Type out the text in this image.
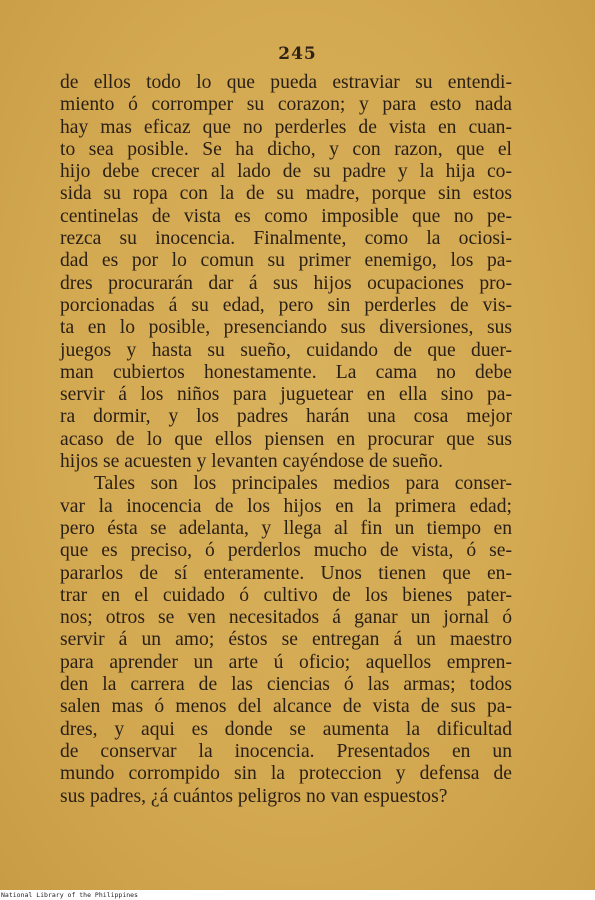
245
de ellos todo lo que pueda estraviar su entendi-
miento ó corromper su corazon; y para esto nada
hay mas eficaz que no perderles de vista en cuan-
to sea posible. Se ha dicho, y con razon, que el
hijo debe crecer al lado de su padre y la hija co-
sida su ropa con la de su madre, porque sin estos
centinelas de vista es como imposible que no pe-
rezca su inocencia. Finalmente, como la ociosi-
dad es por lo comun su primer enemigo, los pa-
dres procurarán dar á sus hijos ocupaciones pro-
porcionadas á su edad, pero sin perderles de vis-
ta en lo posible, presenciando sus diversiones, sus
juegos y hasta su sueño, cuidando de que duer-
man cubiertos honestamente. La cama no debe
servir á los niños para juguetear en ella sino pa-
ra dormir, y los padres harán una cosa mejor
acaso de lo que ellos piensen en procurar que sus
hijos se acuesten y levanten cayéndose de sueño.
Tales son los principales medios para conser-
var la inocencia de los hijos en la primera edad;
pero ésta se adelanta, y llega al fin un tiempo en
que es preciso, ó perderlos mucho de vista, ó se-
pararlos de sí enteramente. Unos tienen que en-
trar en el cuidado ó cultivo de los bienes pater-
nos; otros se ven necesitados á ganar un jornal ó
servir á un amo; éstos se entregan á un maestro
para aprender un arte ú oficio; aquellos empren-
den la carrera de las ciencias ó las armas; todos
salen mas ó menos del alcance de vista de sus pa-
dres, y aqui es donde se aumenta la dificultad
de conservar la inocencia. Presentados en un
mundo corrompido sin la proteccion y defensa de
sus padres, ¿á cuántos peligros no van espuestos?
National Library of the Philippines
